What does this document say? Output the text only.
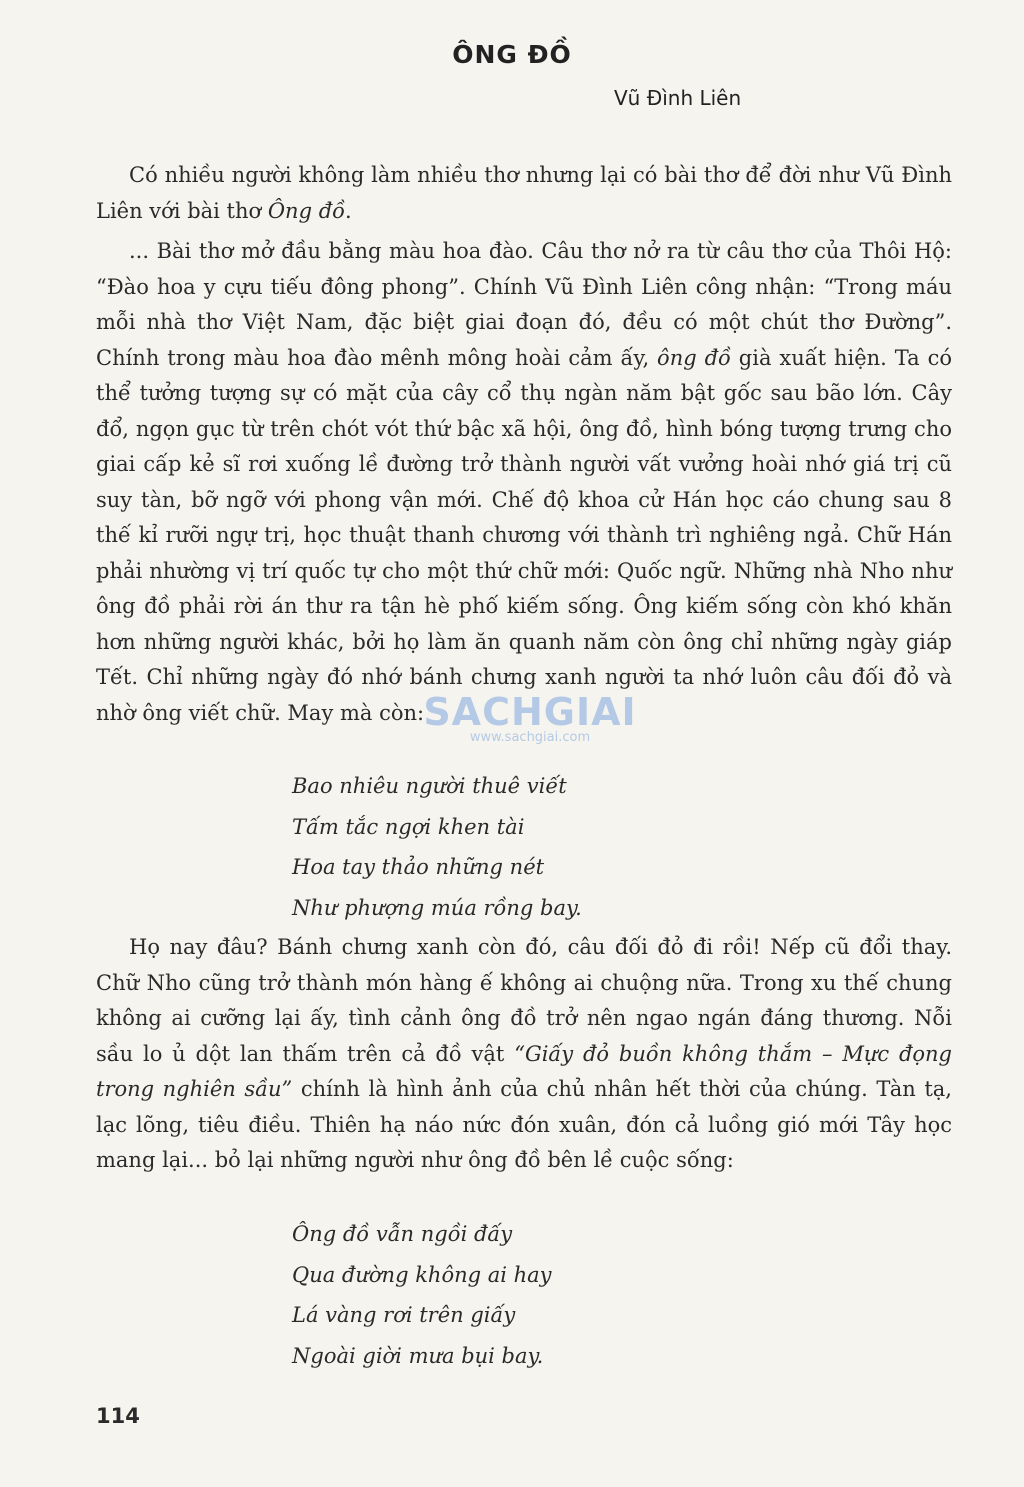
ÔNG ĐỒ
Vũ Đình Liên

Có nhiều người không làm nhiều thơ nhưng lại có bài thơ để đời như Vũ Đình Liên với bài thơ Ông đồ.

... Bài thơ mở đầu bằng màu hoa đào. Câu thơ nở ra từ câu thơ của Thôi Hộ: “Đào hoa y cựu tiếu đông phong”. Chính Vũ Đình Liên công nhận: “Trong máu mỗi nhà thơ Việt Nam, đặc biệt giai đoạn đó, đều có một chút thơ Đường”. Chính trong màu hoa đào mênh mông hoài cảm ấy, ông đồ già xuất hiện. Ta có thể tưởng tượng sự có mặt của cây cổ thụ ngàn năm bật gốc sau bão lớn. Cây đổ, ngọn gục từ trên chót vót thứ bậc xã hội, ông đồ, hình bóng tượng trưng cho giai cấp kẻ sĩ rơi xuống lề đường trở thành người vất vưởng hoài nhớ giá trị cũ suy tàn, bỡ ngỡ với phong vận mới. Chế độ khoa cử Hán học cáo chung sau 8 thế kỉ rưỡi ngự trị, học thuật thanh chương với thành trì nghiêng ngả. Chữ Hán phải nhường vị trí quốc tự cho một thứ chữ mới: Quốc ngữ. Những nhà Nho như ông đồ phải rời án thư ra tận hè phố kiếm sống. Ông kiếm sống còn khó khăn hơn những người khác, bởi họ làm ăn quanh năm còn ông chỉ những ngày giáp Tết. Chỉ những ngày đó nhớ bánh chưng xanh người ta nhớ luôn câu đối đỏ và nhờ ông viết chữ. May mà còn:

Bao nhiêu người thuê viết
Tấm tắc ngợi khen tài
Hoa tay thảo những nét
Như phượng múa rồng bay.

Họ nay đâu? Bánh chưng xanh còn đó, câu đối đỏ đi rồi! Nếp cũ đổi thay. Chữ Nho cũng trở thành món hàng ế không ai chuộng nữa. Trong xu thế chung không ai cưỡng lại ấy, tình cảnh ông đồ trở nên ngao ngán đáng thương. Nỗi sầu lo ủ dột lan thấm trên cả đồ vật “Giấy đỏ buồn không thắm – Mực đọng trong nghiên sầu” chính là hình ảnh của chủ nhân hết thời của chúng. Tàn tạ, lạc lõng, tiêu điều. Thiên hạ náo nức đón xuân, đón cả luồng gió mới Tây học mang lại... bỏ lại những người như ông đồ bên lề cuộc sống:

Ông đồ vẫn ngồi đấy
Qua đường không ai hay
Lá vàng rơi trên giấy
Ngoài giời mưa bụi bay.
114
SACHGIAI
www.sachgiai.com
